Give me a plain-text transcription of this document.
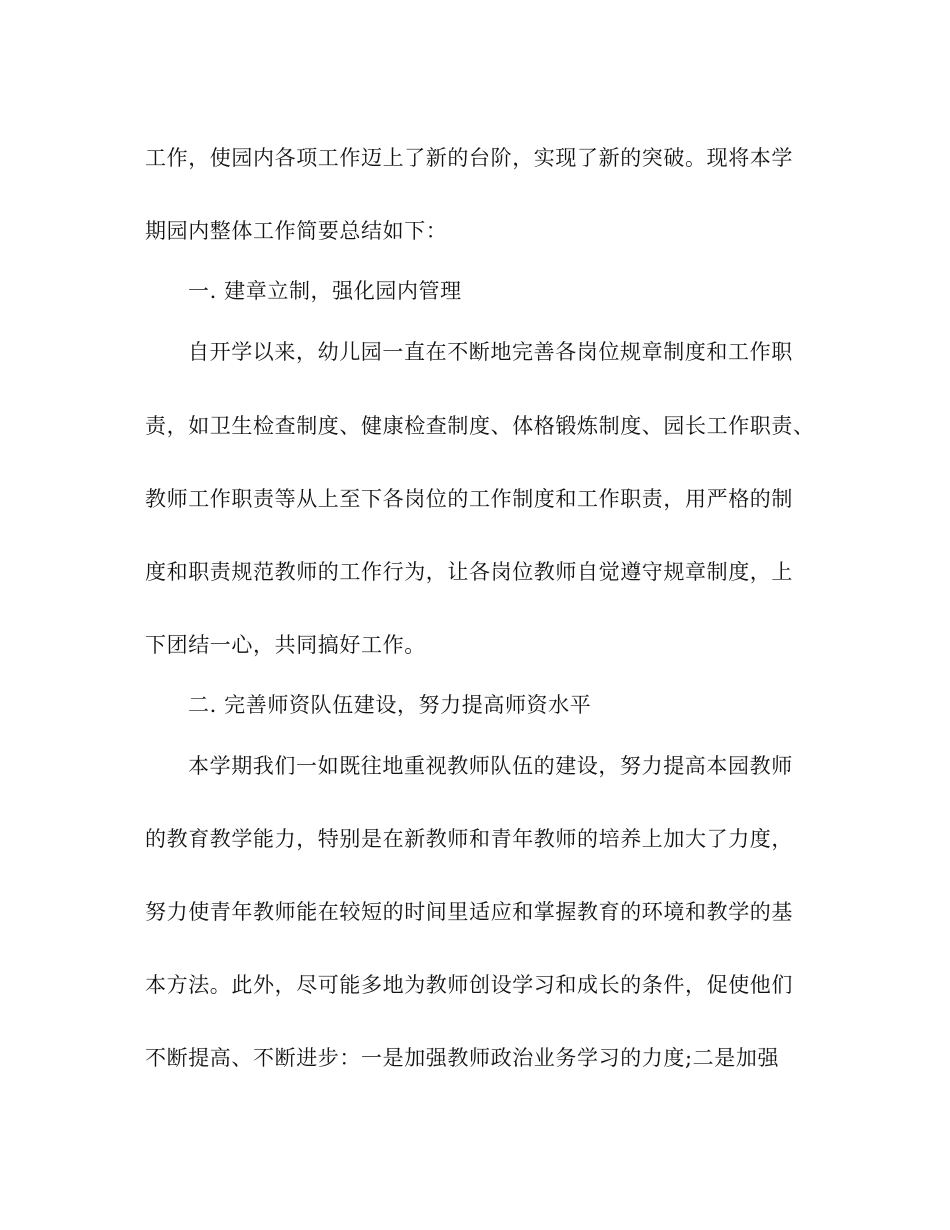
工作，使园内各项工作迈上了新的台阶，实现了新的突破。现将本学
期园内整体工作简要总结如下：
一. 建章立制，强化园内管理
自开学以来，幼儿园一直在不断地完善各岗位规章制度和工作职
责，如卫生检查制度、健康检查制度、体格锻炼制度、园长工作职责、
教师工作职责等从上至下各岗位的工作制度和工作职责，用严格的制
度和职责规范教师的工作行为，让各岗位教师自觉遵守规章制度，上
下团结一心，共同搞好工作。
二. 完善师资队伍建设，努力提高师资水平
本学期我们一如既往地重视教师队伍的建设，努力提高本园教师
的教育教学能力，特别是在新教师和青年教师的培养上加大了力度，
努力使青年教师能在较短的时间里适应和掌握教育的环境和教学的基
本方法。此外，尽可能多地为教师创设学习和成长的条件，促使他们
不断提高、不断进步：一是加强教师政治业务学习的力度;二是加强
